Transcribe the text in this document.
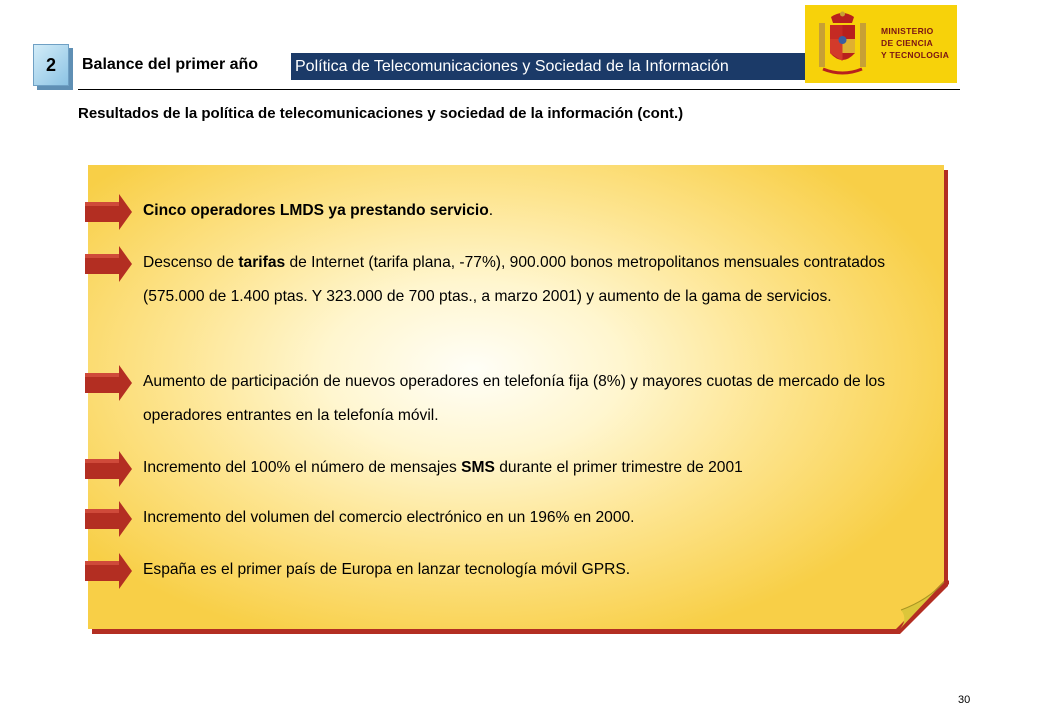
2	Balance del primer año Política de Telecomunicaciones y Sociedad de la Información
MINISTERIO
DE CIENCIA
Y TECNOLOGIA
Resultados de la política de telecomunicaciones y sociedad de la información (cont.)
Cinco operadores LMDS ya prestando servicio.
Descenso de tarifas de Internet (tarifa plana, -77%), 900.000 bonos metropolitanos mensuales contratados (575.000 de 1.400 ptas. Y 323.000 de 700 ptas., a marzo 2001) y aumento de la gama de servicios.
Aumento de participación de nuevos operadores en telefonía fija (8%) y mayores cuotas de mercado de los operadores entrantes en la telefonía móvil.
Incremento del 100% el número de mensajes SMS durante el primer trimestre de 2001
Incremento del volumen del comercio electrónico en un 196% en 2000.
España es el primer país de Europa en lanzar tecnología móvil GPRS.
30
